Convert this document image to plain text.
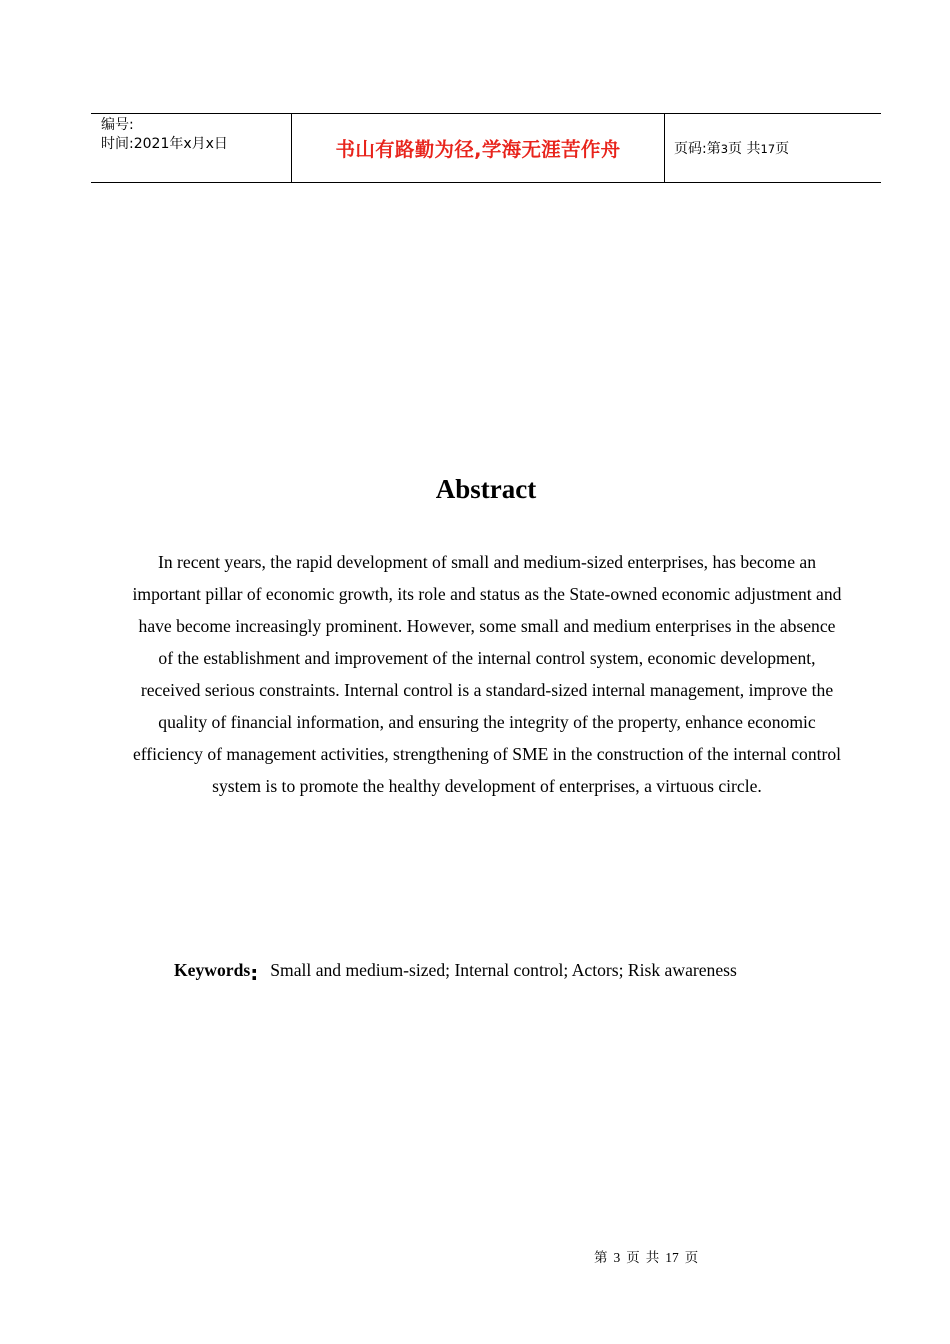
编号:
时间:2021年x月x日	书山有路勤为径,学海无涯苦作舟	页码:第3页 共17页
Abstract

In recent years, the rapid development of small and medium-sized enterprises, has become an important pillar of economic growth, its role and status as the State-owned economic adjustment and have become increasingly prominent. However, some small and medium enterprises in the absence of the establishment and improvement of the internal control system, economic development, received serious constraints. Internal control is a standard-sized internal management, improve the quality of financial information, and ensuring the integrity of the property, enhance economic efficiency of management activities, strengthening of SME in the construction of the internal control system is to promote the healthy development of enterprises, a virtuous circle.

Keywords: Small and medium-sized; Internal control; Actors; Risk awareness
第 3 页 共 17 页
